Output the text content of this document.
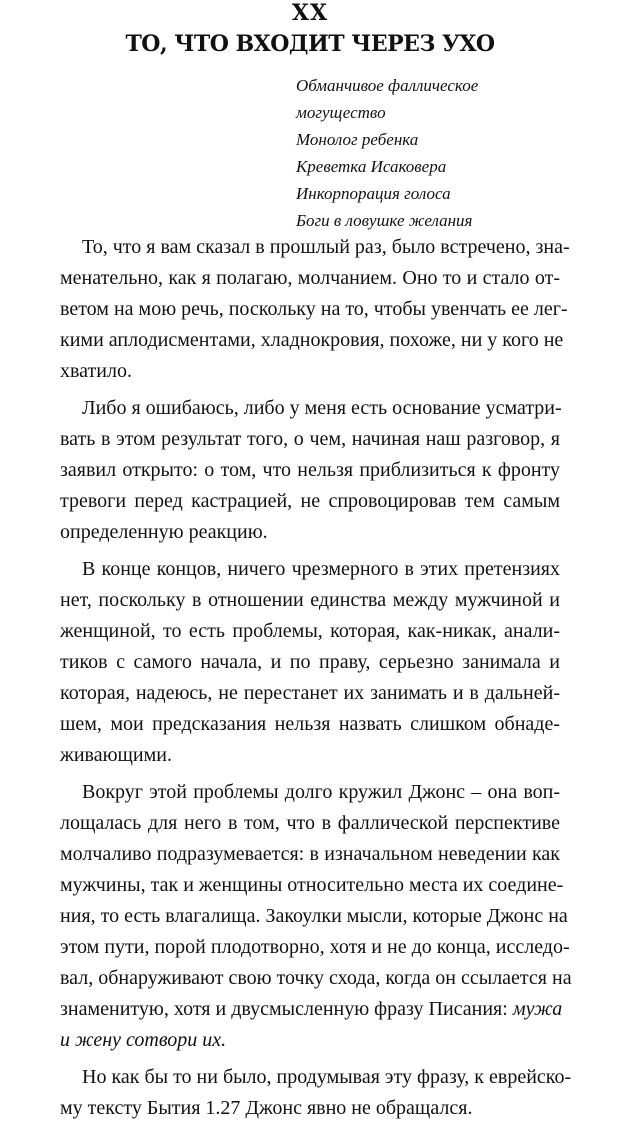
XX
ТО, ЧТО ВХОДИТ ЧЕРЕЗ УХО
Обманчивое фаллическое могущество
Монолог ребенка
Креветка Исаковера
Инкорпорация голоса
Боги в ловушке желания

То, что я вам сказал в прошлый раз, было встречено, зна-
менательно, как я полагаю, молчанием. Оно то и стало от-
ветом на мою речь, поскольку на то, чтобы увенчать ее лег-
кими аплодисментами, хладнокровия, похоже, ни у кого не
хватило.

Либо я ошибаюсь, либо у меня есть основание усматри-
вать в этом результат того, о чем, начиная наш разговор, я
заявил открыто: о том, что нельзя приблизиться к фронту
тревоги перед кастрацией, не спровоцировав тем самым
определенную реакцию.

В конце концов, ничего чрезмерного в этих претензиях
нет, поскольку в отношении единства между мужчиной и
женщиной, то есть проблемы, которая, как-никак, анали-
тиков с самого начала, и по праву, серьезно занимала и
которая, надеюсь, не перестанет их занимать и в дальней-
шем, мои предсказания нельзя назвать слишком обнаде-
живающими.

Вокруг этой проблемы долго кружил Джонс – она воп-
лощалась для него в том, что в фаллической перспективе
молчаливо подразумевается: в изначальном неведении как
мужчины, так и женщины относительно места их соедине-
ния, то есть влагалища. Закоулки мысли, которые Джонс на
этом пути, порой плодотворно, хотя и не до конца, исследо-
вал, обнаруживают свою точку схода, когда он ссылается на
знаменитую, хотя и двусмысленную фразу Писания: мужа
и жену сотвори их.

Но как бы то ни было, продумывая эту фразу, к еврейско-
му тексту Бытия 1.27 Джонс явно не обращался.
